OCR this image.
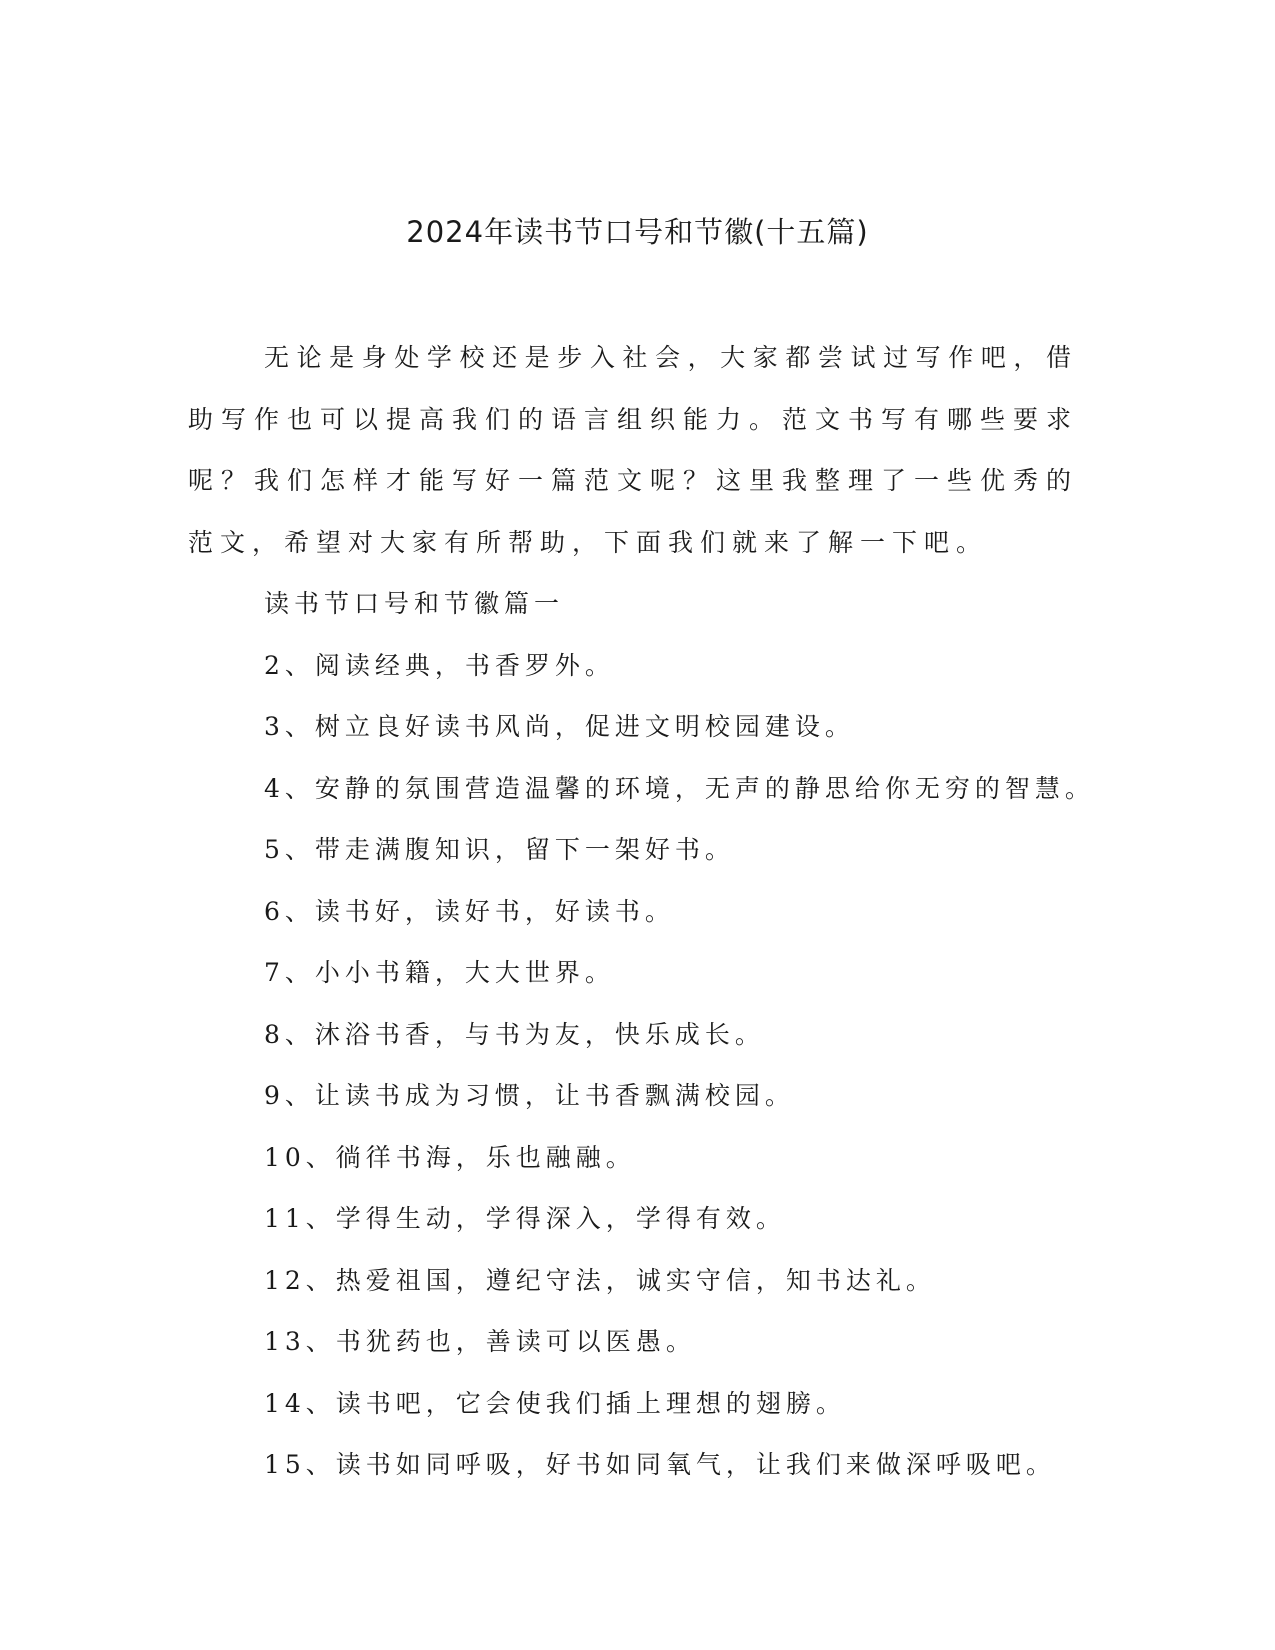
2024年读书节口号和节徽(十五篇)

无论是身处学校还是步入社会，大家都尝试过写作吧，借助写作也可以提高我们的语言组织能力。范文书写有哪些要求呢？我们怎样才能写好一篇范文呢？这里我整理了一些优秀的范文，希望对大家有所帮助，下面我们就来了解一下吧。

读书节口号和节徽篇一
2、阅读经典，书香罗外。
3、树立良好读书风尚，促进文明校园建设。
4、安静的氛围营造温馨的环境，无声的静思给你无穷的智慧。
5、带走满腹知识，留下一架好书。
6、读书好，读好书，好读书。
7、小小书籍，大大世界。
8、沐浴书香，与书为友，快乐成长。
9、让读书成为习惯，让书香飘满校园。
10、徜徉书海，乐也融融。
11、学得生动，学得深入，学得有效。
12、热爱祖国，遵纪守法，诚实守信，知书达礼。
13、书犹药也，善读可以医愚。
14、读书吧，它会使我们插上理想的翅膀。
15、读书如同呼吸，好书如同氧气，让我们来做深呼吸吧。
